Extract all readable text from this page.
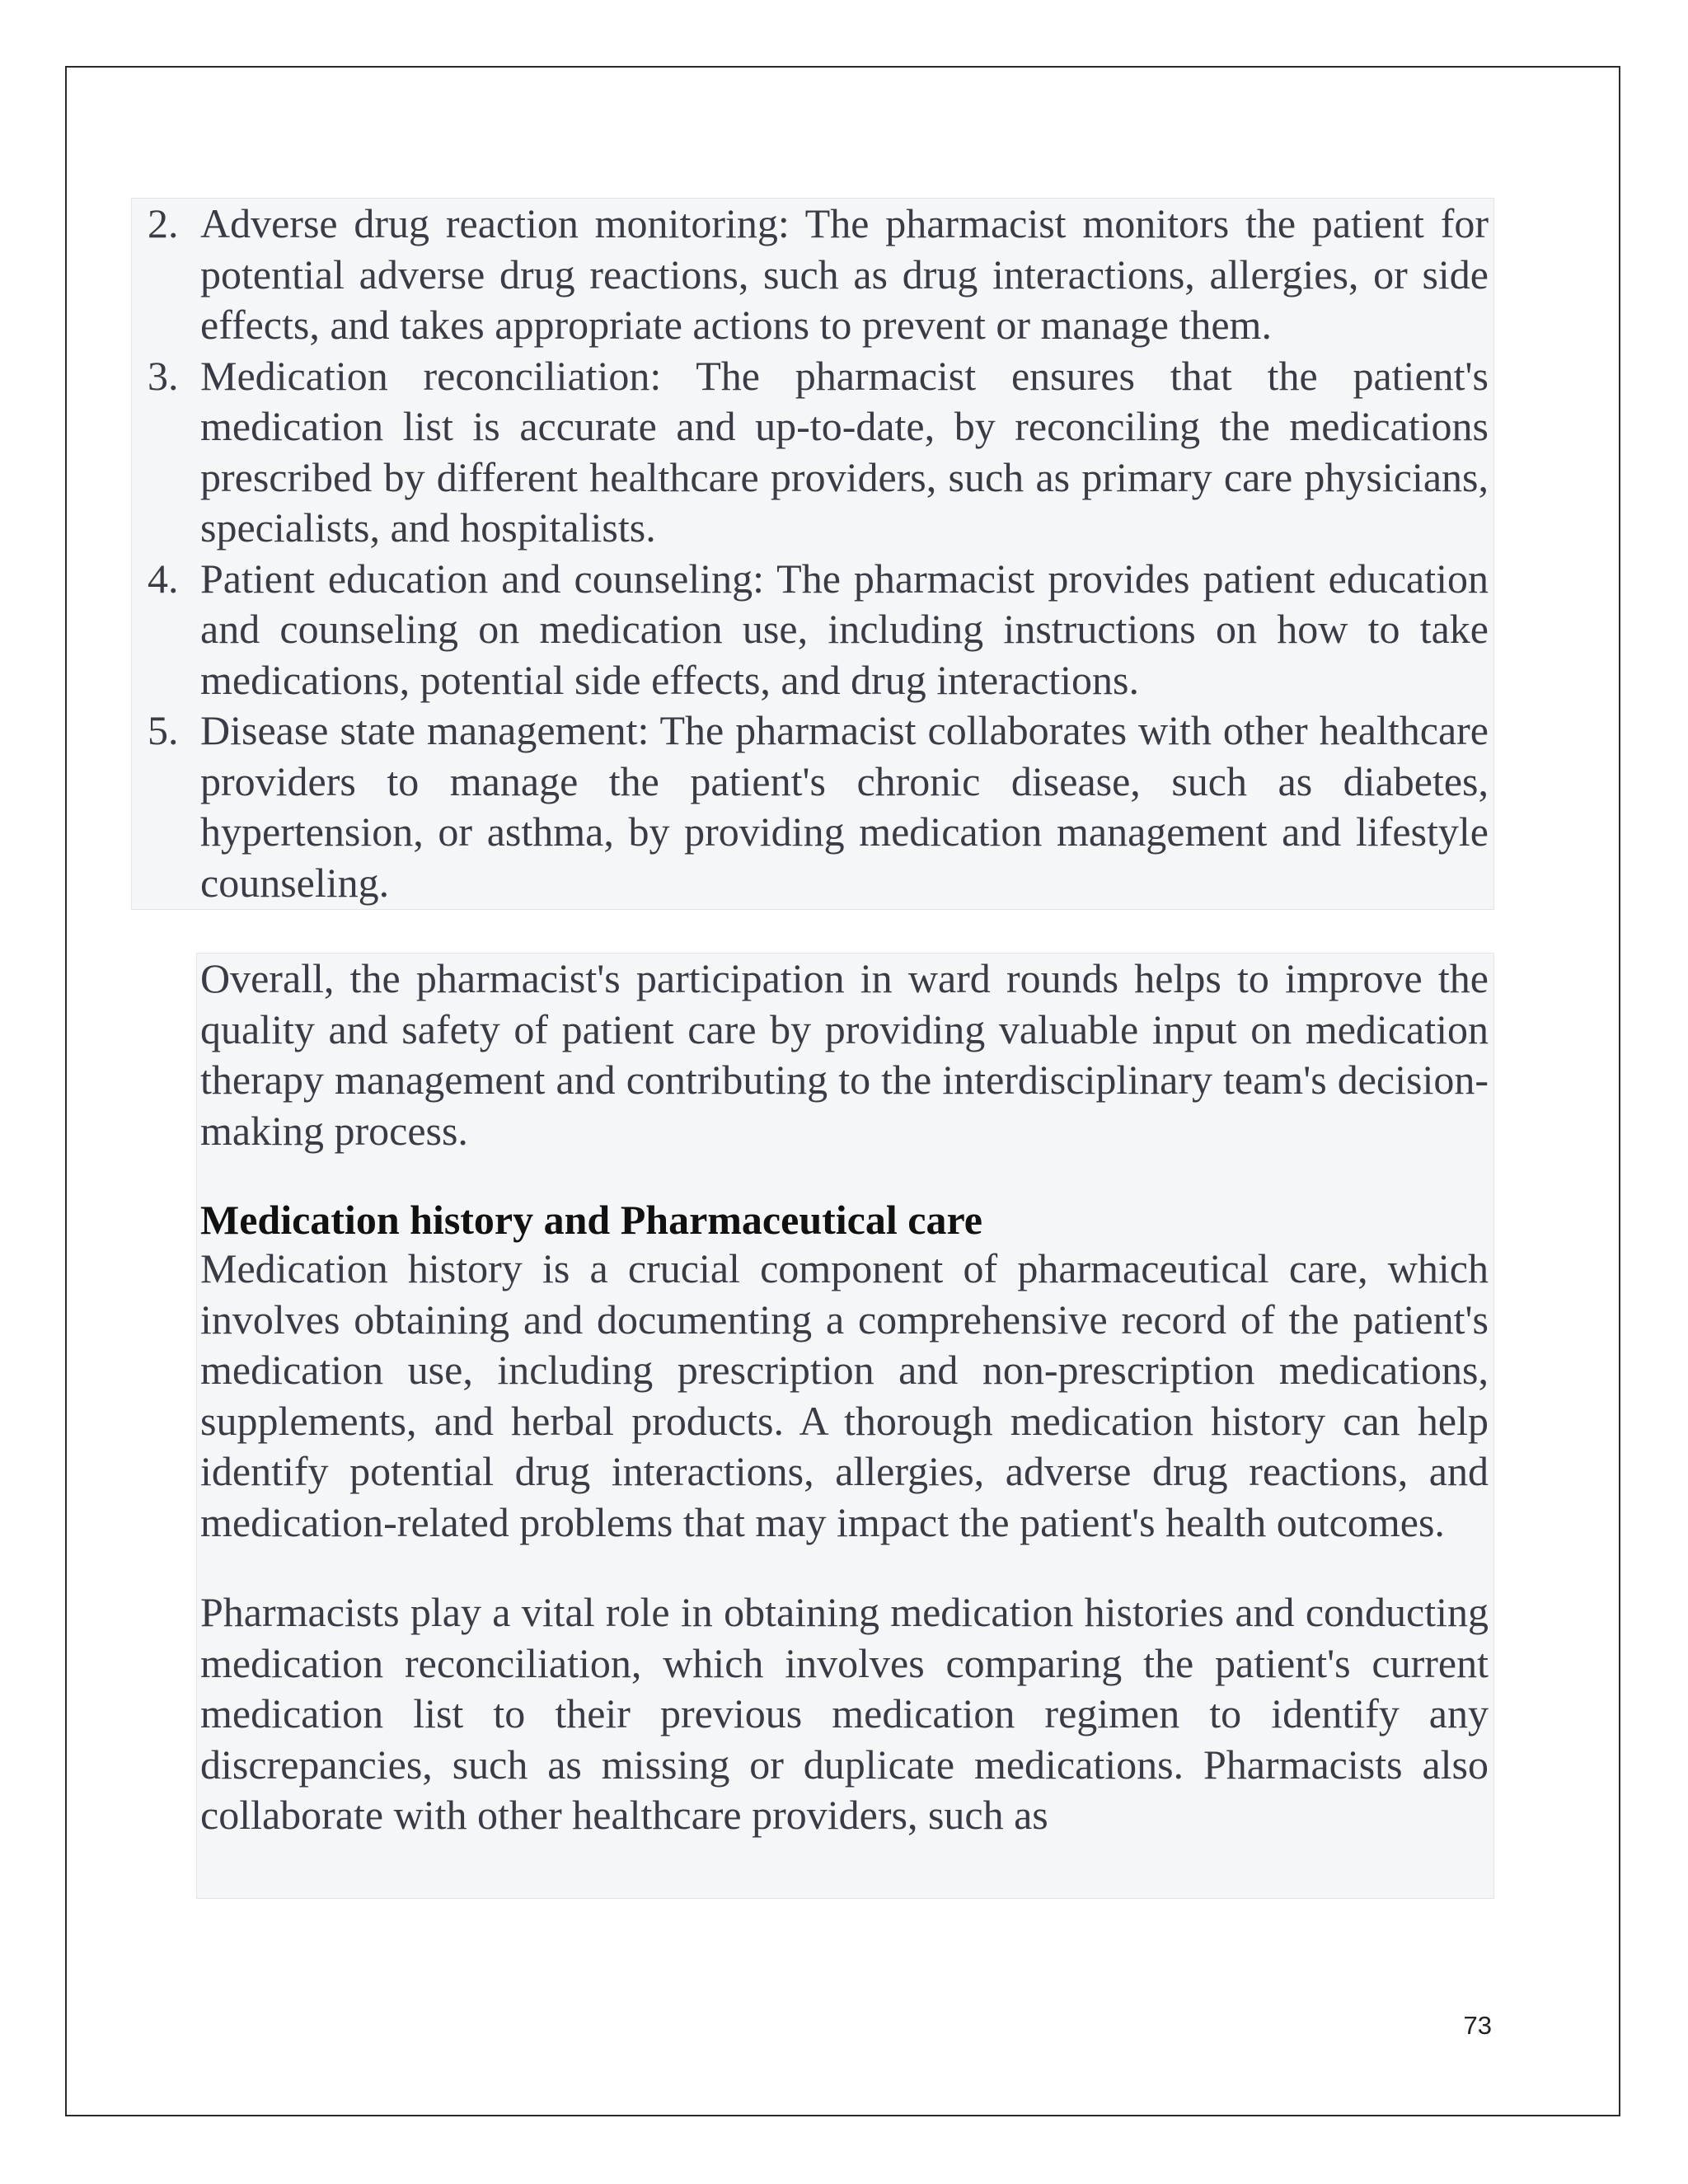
2. Adverse drug reaction monitoring: The pharmacist monitors the patient for potential adverse drug reactions, such as drug interactions, allergies, or side effects, and takes appropriate actions to prevent or manage them.
3. Medication reconciliation: The pharmacist ensures that the patient's medication list is accurate and up-to-date, by reconciling the medications prescribed by different healthcare providers, such as primary care physicians, specialists, and hospitalists.
4. Patient education and counseling: The pharmacist provides patient education and counseling on medication use, including instructions on how to take medications, potential side effects, and drug interactions.
5. Disease state management: The pharmacist collaborates with other healthcare providers to manage the patient's chronic disease, such as diabetes, hypertension, or asthma, by providing medication management and lifestyle counseling.

Overall, the pharmacist's participation in ward rounds helps to improve the quality and safety of patient care by providing valuable input on medication therapy management and contributing to the interdisciplinary team's decision-making process.

Medication history and Pharmaceutical care

Medication history is a crucial component of pharmaceutical care, which involves obtaining and documenting a comprehensive record of the patient's medication use, including prescription and non-prescription medications, supplements, and herbal products. A thorough medication history can help identify potential drug interactions, allergies, adverse drug reactions, and medication-related problems that may impact the patient's health outcomes.

Pharmacists play a vital role in obtaining medication histories and conducting medication reconciliation, which involves comparing the patient's current medication list to their previous medication regimen to identify any discrepancies, such as missing or duplicate medications. Pharmacists also collaborate with other healthcare providers, such as

73
